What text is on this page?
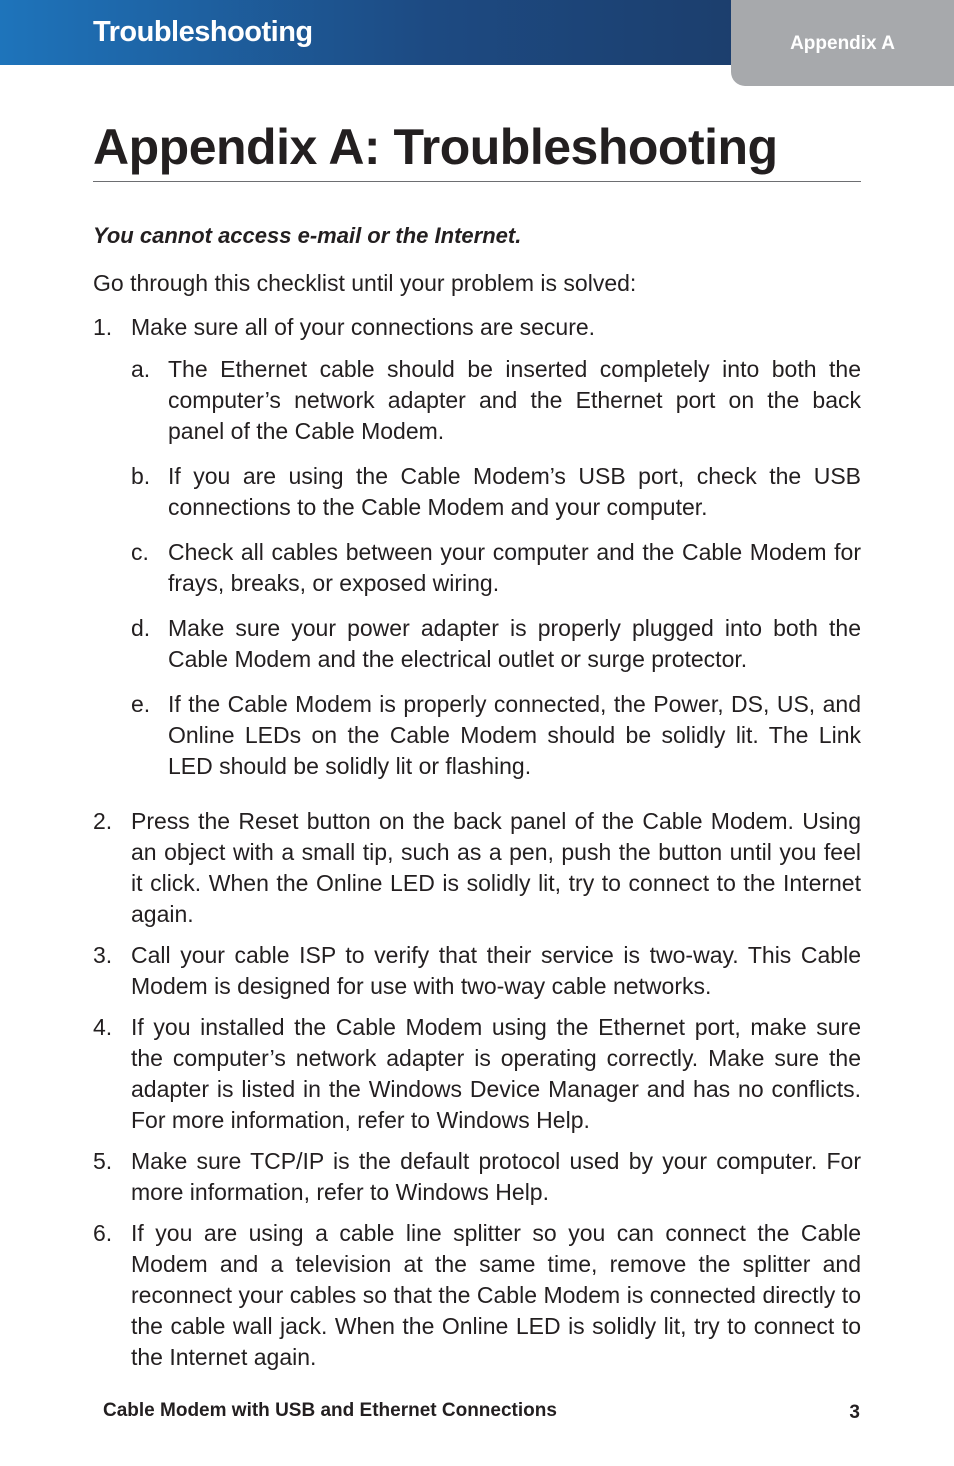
Troubleshooting	Appendix A
Appendix A: Troubleshooting

You cannot access e-mail or the Internet.

Go through this checklist until your problem is solved:

1. Make sure all of your connections are secure.
a. The Ethernet cable should be inserted completely into both the computer’s network adapter and the Ethernet port on the back panel of the Cable Modem.
b. If you are using the Cable Modem’s USB port, check the USB connections to the Cable Modem and your computer.
c. Check all cables between your computer and the Cable Modem for frays, breaks, or exposed wiring.
d. Make sure your power adapter is properly plugged into both the Cable Modem and the electrical outlet or surge protector.
e. If the Cable Modem is properly connected, the Power, DS, US, and Online LEDs on the Cable Modem should be solidly lit. The Link LED should be solidly lit or flashing.
2. Press the Reset button on the back panel of the Cable Modem. Using an object with a small tip, such as a pen, push the button until you feel it click. When the Online LED is solidly lit, try to connect to the Internet again.
3. Call your cable ISP to verify that their service is two-way. This Cable Modem is designed for use with two-way cable networks.
4. If you installed the Cable Modem using the Ethernet port, make sure the computer’s network adapter is operating correctly. Make sure the adapter is listed in the Windows Device Manager and has no conflicts. For more information, refer to Windows Help.
5. Make sure TCP/IP is the default protocol used by your computer. For more information, refer to Windows Help.
6. If you are using a cable line splitter so you can connect the Cable Modem and a television at the same time, remove the splitter and reconnect your cables so that the Cable Modem is connected directly to the cable wall jack. When the Online LED is solidly lit, try to connect to the Internet again.
Cable Modem with USB and Ethernet Connections	3
